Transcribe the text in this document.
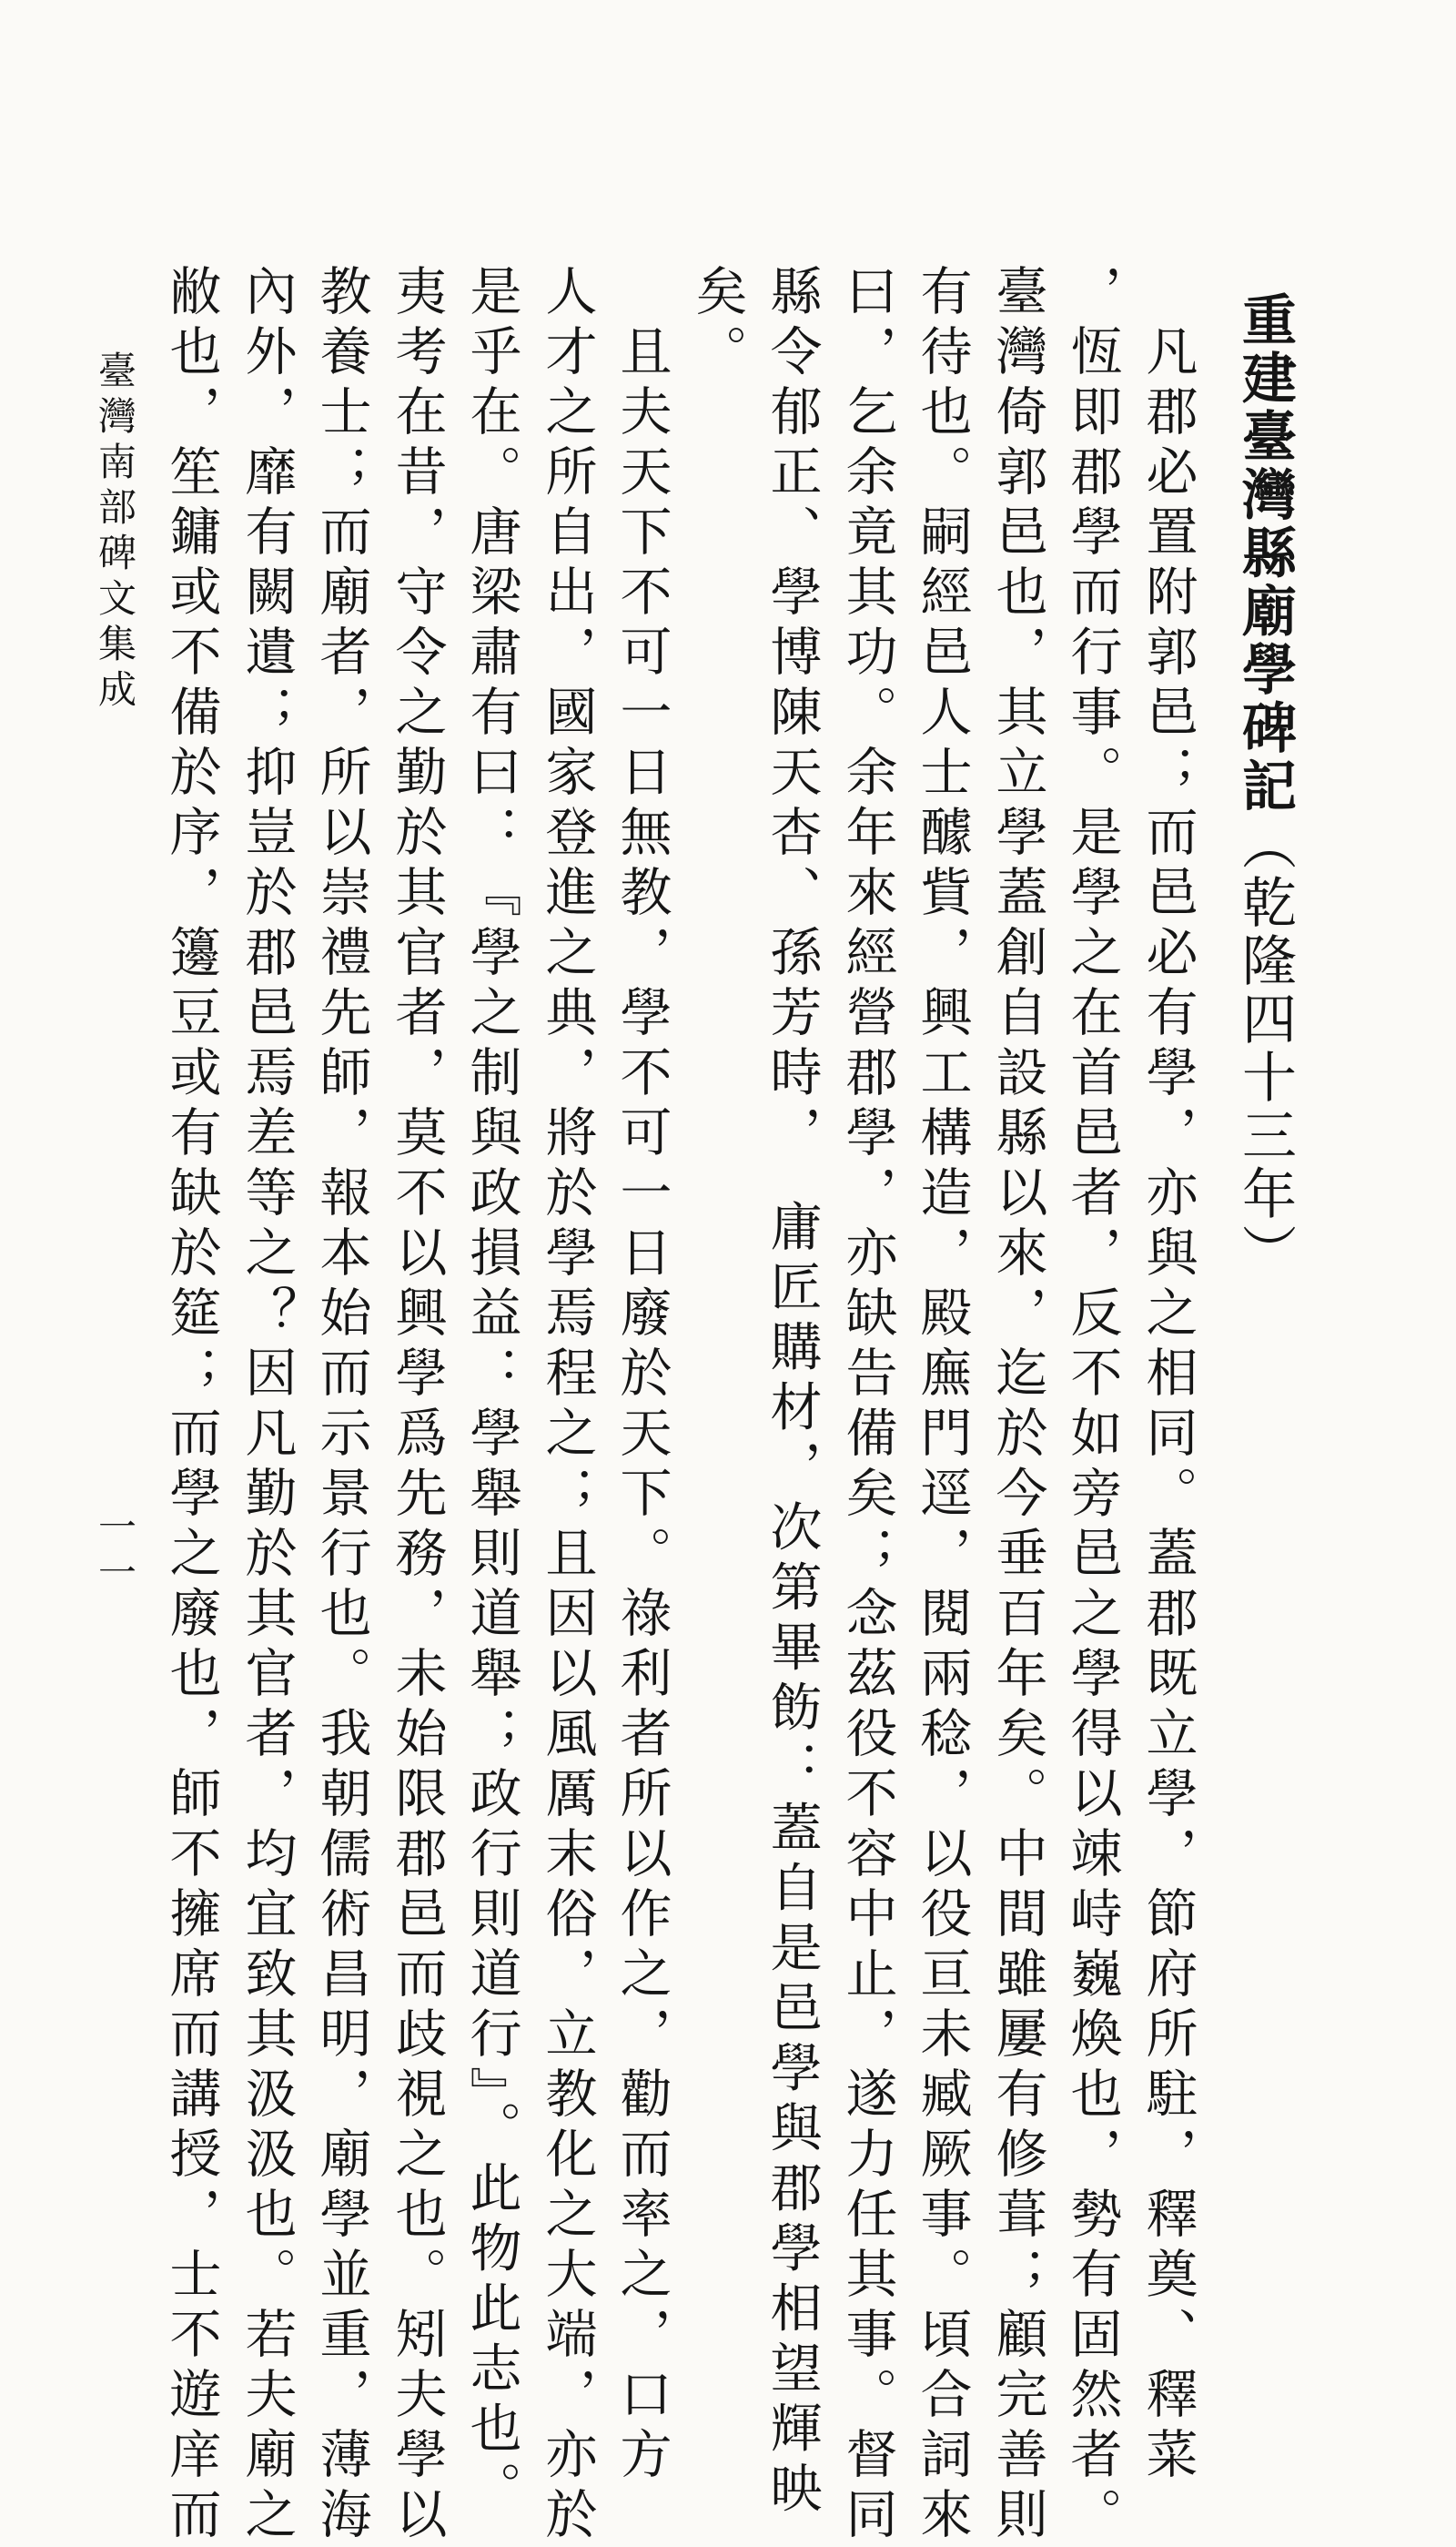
重建臺灣縣廟學碑記（乾隆四十三年）
　凡郡必置附郭邑；而邑必有學，亦與之相同。蓋郡既立學，節府所駐，釋奠、釋菜
，恆即郡學而行事。是學之在首邑者，反不如旁邑之學得以竦峙巍煥也，勢有固然者。
臺灣倚郭邑也，其立學蓋創自設縣以來，迄於今垂百年矣。中間雖屢有修葺；顧完善則
有待也。嗣經邑人士醵貲，興工構造，殿廡門逕，閱兩稔，以役亘未臧厥事。頃合詞來
曰，乞余竟其功。余年來經營郡學，亦缺告備矣；念茲役不容中止，遂力任其事。督同
縣令郁正、學博陳天杏、孫芳時，　庸匠購材，次第畢飭：蓋自是邑學與郡學相望輝映
矣。
　且夫天下不可一日無教，學不可一日廢於天下。祿利者所以作之，勸而率之，口方
人才之所自出，國家登進之典，將於學焉程之；且因以風厲末俗，立教化之大端，亦於
是乎在。唐梁肅有曰：『學之制與政損益：學舉則道舉；政行則道行』。此物此志也。
夷考在昔，守令之勤於其官者，莫不以興學爲先務，未始限郡邑而歧視之也。矧夫學以
教養士；而廟者，所以崇禮先師，報本始而示景行也。我朝儒術昌明，廟學並重，薄海
內外，靡有闕遺；抑豈於郡邑焉差等之？因凡勤於其官者，均宜致其汲汲也。若夫廟之
敝也，笙鏞或不備於序，籩豆或有缺於筵；而學之廢也，師不擁席而講授，士不遊庠而
臺灣南部碑文集成
一一
